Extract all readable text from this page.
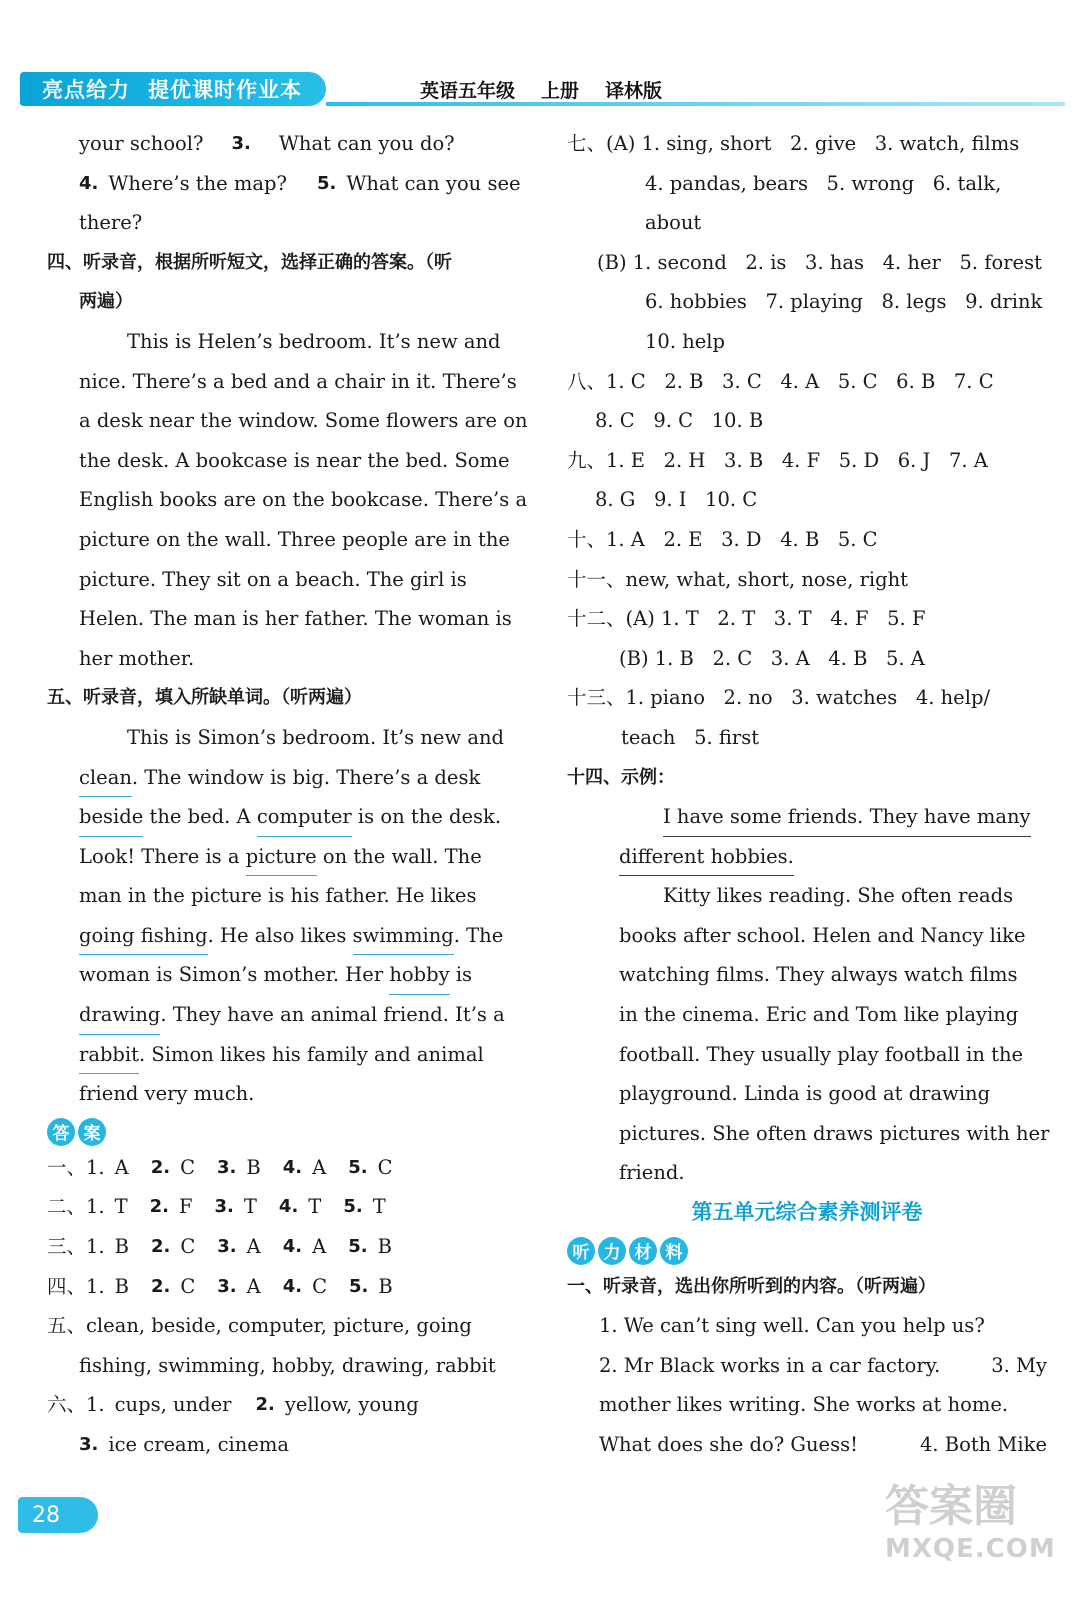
亮点给力 提优课时作业本	英语五年级 上册 译林版
your school? 3. What can you do?
4. Where’s the map? 5. What can you see
there?
四、听录音，根据所听短文，选择正确的答案。（听
两遍）
This is Helen’s bedroom. It’s new and
nice. There’s a bed and a chair in it. There’s
a desk near the window. Some flowers are on
the desk. A bookcase is near the bed. Some
English books are on the bookcase. There’s a
picture on the wall. Three people are in the
picture. They sit on a beach. The girl is
Helen. The man is her father. The woman is
her mother.
五、听录音，填入所缺单词。（听两遍）
This is Simon’s bedroom. It’s new and
clean . The window is big. There’s a desk
beside the bed. A computer is on the desk.
Look! There is a picture on the wall. The
man in the picture is his father. He likes
going fishing . He also likes swimming . The
woman is Simon’s mother. Her hobby is
drawing . They have an animal friend. It’s a
rabbit . Simon likes his family and animal
friend very much.
答 案
一、1. A 2. C 3. B 4. A 5. C
二、1. T 2. F 3. T 4. T 5. T
三、1. B 2. C 3. A 4. A 5. B
四、1. B 2. C 3. A 4. C 5. B
五、clean, beside, computer, picture, going
fishing, swimming, hobby, drawing, rabbit
六、1. cups, under 2. yellow, young
3. ice cream, cinema
七、(A) 1. sing, short   2. give   3. watch, films
4. pandas, bears   5. wrong   6. talk,
about
(B) 1. second   2. is   3. has   4. her   5. forest
6. hobbies   7. playing   8. legs   9. drink
10. help
八、1. C   2. B   3. C   4. A   5. C   6. B   7. C
8. C   9. C   10. B
九、1. E   2. H   3. B   4. F   5. D   6. J   7. A
8. G   9. I   10. C
十、1. A   2. E   3. D   4. B   5. C
十一、new, what, short, nose, right
十二、(A) 1. T   2. T   3. T   4. F   5. F
(B) 1. B   2. C   3. A   4. B   5. A
十三、1. piano   2. no   3. watches   4. help/
teach   5. first
十四、示例：
I have some friends. They have many
different hobbies.
Kitty likes reading. She often reads
books after school. Helen and Nancy like
watching films. They always watch films
in the cinema. Eric and Tom like playing
football. They usually play football in the
playground. Linda is good at drawing
pictures. She often draws pictures with her
friend.
第五单元综合素养测评卷
听 力 材 料
一、听录音，选出你所听到的内容。（听两遍）
1. We can’t sing well. Can you help us?
2. Mr Black works in a car factory.	3. My
mother likes writing. She works at home.
What does she do? Guess!	4. Both Mike
28	答案圈
MXQE.COM
